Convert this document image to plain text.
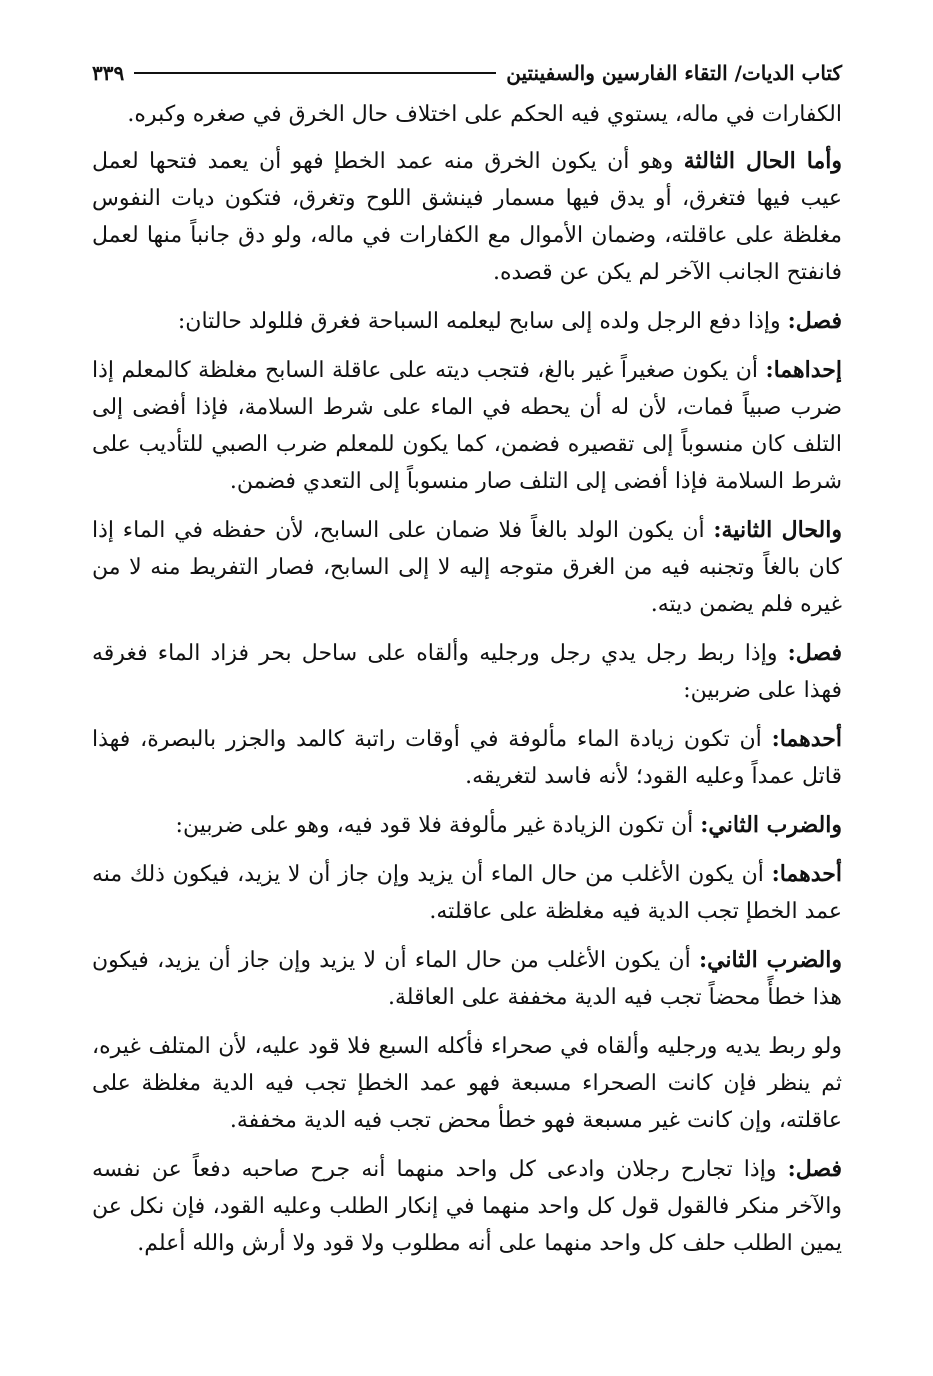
كتاب الديات/ التقاء الفارسين والسفينتين
٣٣٩

الكفارات في ماله، يستوي فيه الحكم على اختلاف حال الخرق في صغره وكبره.

وأما الحال الثالثة وهو أن يكون الخرق منه عمد الخطإ فهو أن يعمد فتحها لعمل عيب فيها فتغرق، أو يدق فيها مسمار فينشق اللوح وتغرق، فتكون ديات النفوس مغلظة على عاقلته، وضمان الأموال مع الكفارات في ماله، ولو دق جانباً منها لعمل فانفتح الجانب الآخر لم يكن عن قصده.

فصل: وإذا دفع الرجل ولده إلى سابح ليعلمه السباحة فغرق فللولد حالتان:

إحداهما: أن يكون صغيراً غير بالغ، فتجب ديته على عاقلة السابح مغلظة كالمعلم إذا ضرب صبياً فمات، لأن له أن يحطه في الماء على شرط السلامة، فإذا أفضى إلى التلف كان منسوباً إلى تقصيره فضمن، كما يكون للمعلم ضرب الصبي للتأديب على شرط السلامة فإذا أفضى إلى التلف صار منسوباً إلى التعدي فضمن.

والحال الثانية: أن يكون الولد بالغاً فلا ضمان على السابح، لأن حفظه في الماء إذا كان بالغاً وتجنبه فيه من الغرق متوجه إليه لا إلى السابح، فصار التفريط منه لا من غيره فلم يضمن ديته.

فصل: وإذا ربط رجل يدي رجل ورجليه وألقاه على ساحل بحر فزاد الماء فغرقه فهذا على ضربين:

أحدهما: أن تكون زيادة الماء مألوفة في أوقات راتبة كالمد والجزر بالبصرة، فهذا قاتل عمداً وعليه القود؛ لأنه فاسد لتغريقه.

والضرب الثاني: أن تكون الزيادة غير مألوفة فلا قود فيه، وهو على ضربين:

أحدهما: أن يكون الأغلب من حال الماء أن يزيد وإن جاز أن لا يزيد، فيكون ذلك منه عمد الخطإ تجب الدية فيه مغلظة على عاقلته.

والضرب الثاني: أن يكون الأغلب من حال الماء أن لا يزيد وإن جاز أن يزيد، فيكون هذا خطأً محضاً تجب فيه الدية مخففة على العاقلة.

ولو ربط يديه ورجليه وألقاه في صحراء فأكله السبع فلا قود عليه، لأن المتلف غيره، ثم ينظر فإن كانت الصحراء مسبعة فهو عمد الخطإ تجب فيه الدية مغلظة على عاقلته، وإن كانت غير مسبعة فهو خطأ محض تجب فيه الدية مخففة.

فصل: وإذا تجارح رجلان وادعى كل واحد منهما أنه جرح صاحبه دفعاً عن نفسه والآخر منكر فالقول قول كل واحد منهما في إنكار الطلب وعليه القود، فإن نكل عن يمين الطلب حلف كل واحد منهما على أنه مطلوب ولا قود ولا أرش والله أعلم.
